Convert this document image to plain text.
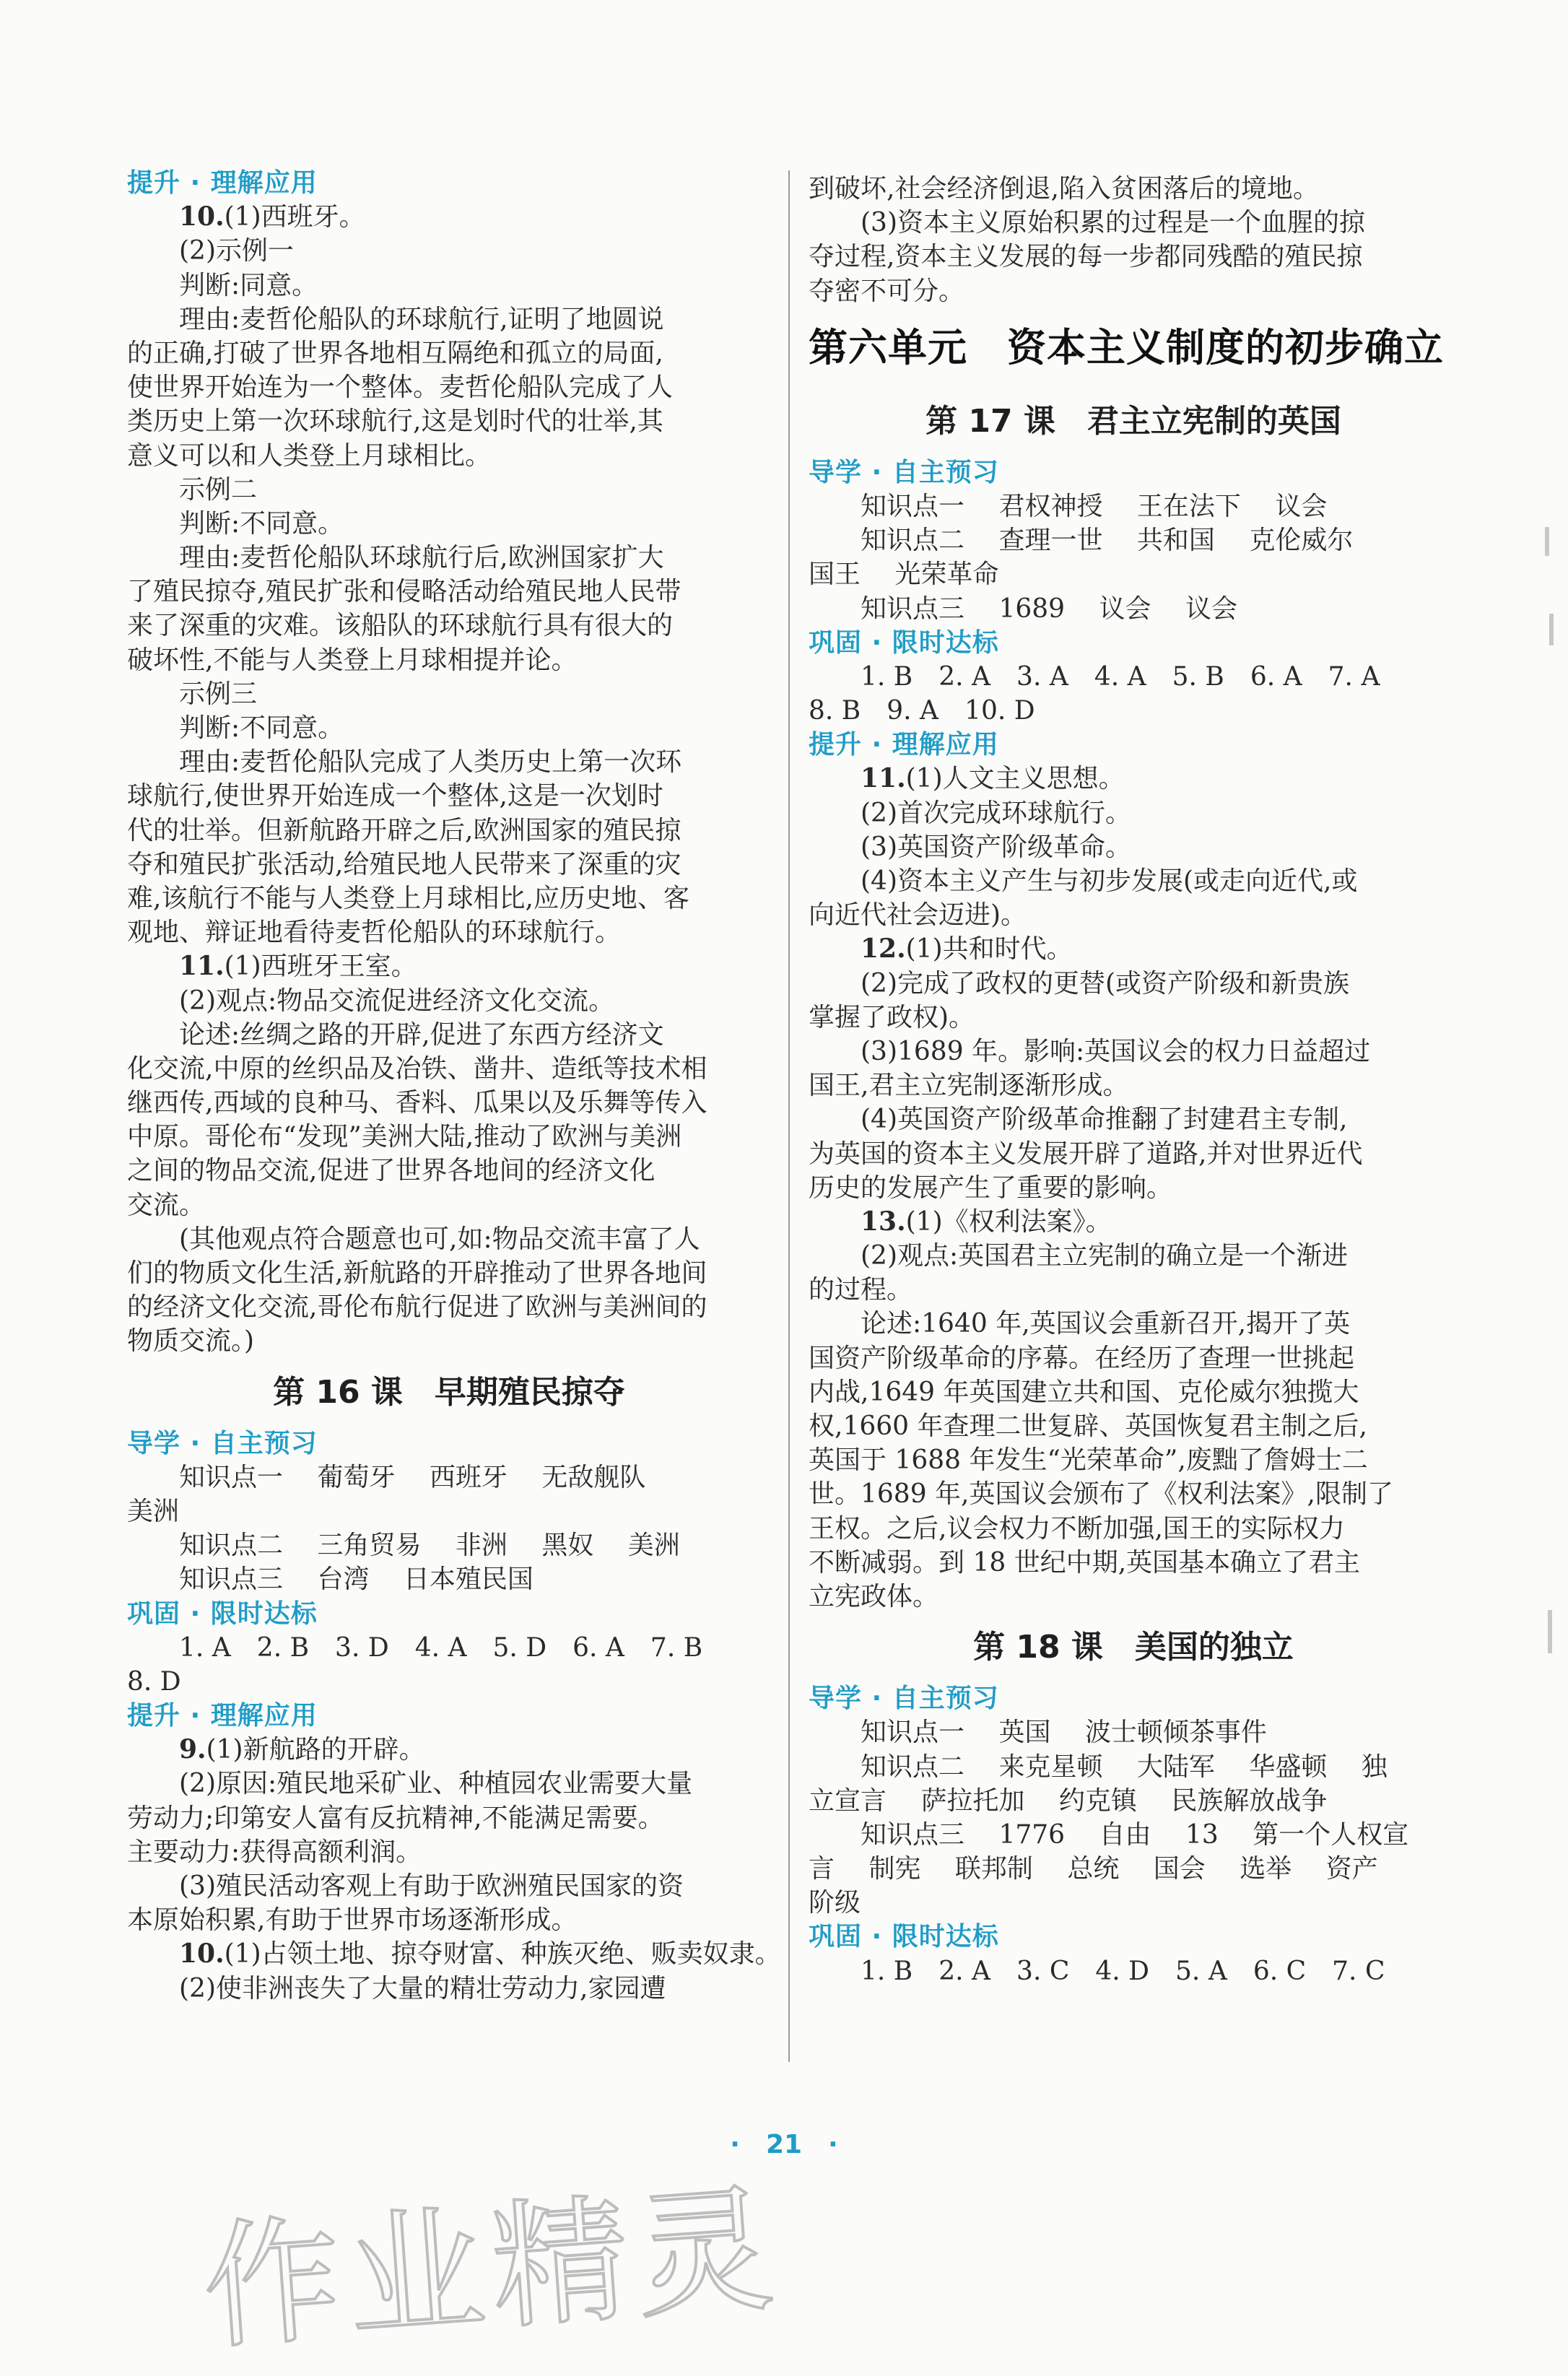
提升 · 理解应用
10.(1)西班牙。
(2)示例一
判断:同意。
理由:麦哲伦船队的环球航行,证明了地圆说
的正确,打破了世界各地相互隔绝和孤立的局面,
使世界开始连为一个整体。麦哲伦船队完成了人
类历史上第一次环球航行,这是划时代的壮举,其
意义可以和人类登上月球相比。
示例二
判断:不同意。
理由:麦哲伦船队环球航行后,欧洲国家扩大
了殖民掠夺,殖民扩张和侵略活动给殖民地人民带
来了深重的灾难。该船队的环球航行具有很大的
破坏性,不能与人类登上月球相提并论。
示例三
判断:不同意。
理由:麦哲伦船队完成了人类历史上第一次环
球航行,使世界开始连成一个整体,这是一次划时
代的壮举。但新航路开辟之后,欧洲国家的殖民掠
夺和殖民扩张活动,给殖民地人民带来了深重的灾
难,该航行不能与人类登上月球相比,应历史地、客
观地、辩证地看待麦哲伦船队的环球航行。
11.(1)西班牙王室。
(2)观点:物品交流促进经济文化交流。
论述:丝绸之路的开辟,促进了东西方经济文
化交流,中原的丝织品及冶铁、凿井、造纸等技术相
继西传,西域的良种马、香料、瓜果以及乐舞等传入
中原。哥伦布“发现”美洲大陆,推动了欧洲与美洲
之间的物品交流,促进了世界各地间的经济文化
交流。
(其他观点符合题意也可,如:物品交流丰富了人
们的物质文化生活,新航路的开辟推动了世界各地间
的经济文化交流,哥伦布航行促进了欧洲与美洲间的
物质交流。)
第 16 课　早期殖民掠夺
导学 · 自主预习
知识点一　 葡萄牙　 西班牙　 无敌舰队
美洲
知识点二　 三角贸易　 非洲　 黑奴　 美洲
知识点三　 台湾　 日本殖民国
巩固 · 限时达标
1. A　2. B　3. D　4. A　5. D　6. A　7. B
8. D
提升 · 理解应用
9.(1)新航路的开辟。
(2)原因:殖民地采矿业、种植园农业需要大量
劳动力;印第安人富有反抗精神,不能满足需要。
主要动力:获得高额利润。
(3)殖民活动客观上有助于欧洲殖民国家的资
本原始积累,有助于世界市场逐渐形成。
10.(1)占领土地、掠夺财富、种族灭绝、贩卖奴隶。
(2)使非洲丧失了大量的精壮劳动力,家园遭
到破坏,社会经济倒退,陷入贫困落后的境地。
(3)资本主义原始积累的过程是一个血腥的掠
夺过程,资本主义发展的每一步都同残酷的殖民掠
夺密不可分。
第六单元　资本主义制度的初步确立
第 17 课　君主立宪制的英国
导学 · 自主预习
知识点一　 君权神授　 王在法下　 议会
知识点二　 查理一世　 共和国　 克伦威尔
国王　 光荣革命
知识点三　 1689　 议会　 议会
巩固 · 限时达标
1. B　2. A　3. A　4. A　5. B　6. A　7. A
8. B　9. A　10. D
提升 · 理解应用
11.(1)人文主义思想。
(2)首次完成环球航行。
(3)英国资产阶级革命。
(4)资本主义产生与初步发展(或走向近代,或
向近代社会迈进)。
12.(1)共和时代。
(2)完成了政权的更替(或资产阶级和新贵族
掌握了政权)。
(3)1689 年。影响:英国议会的权力日益超过
国王,君主立宪制逐渐形成。
(4)英国资产阶级革命推翻了封建君主专制,
为英国的资本主义发展开辟了道路,并对世界近代
历史的发展产生了重要的影响。
13.(1)《权利法案》。
(2)观点:英国君主立宪制的确立是一个渐进
的过程。
论述:1640 年,英国议会重新召开,揭开了英
国资产阶级革命的序幕。在经历了查理一世挑起
内战,1649 年英国建立共和国、克伦威尔独揽大
权,1660 年查理二世复辟、英国恢复君主制之后,
英国于 1688 年发生“光荣革命”,废黜了詹姆士二
世。1689 年,英国议会颁布了《权利法案》,限制了
王权。之后,议会权力不断加强,国王的实际权力
不断减弱。到 18 世纪中期,英国基本确立了君主
立宪政体。
第 18 课　美国的独立
导学 · 自主预习
知识点一　 英国　 波士顿倾茶事件
知识点二　 来克星顿　 大陆军　 华盛顿　 独
立宣言　 萨拉托加　 约克镇　 民族解放战争
知识点三　 1776　 自由　 13　 第一个人权宣
言　 制宪　 联邦制　 总统　 国会　 选举　 资产
阶级
巩固 · 限时达标
1. B　2. A　3. C　4. D　5. A　6. C　7. C
·　21　·
作业精灵
